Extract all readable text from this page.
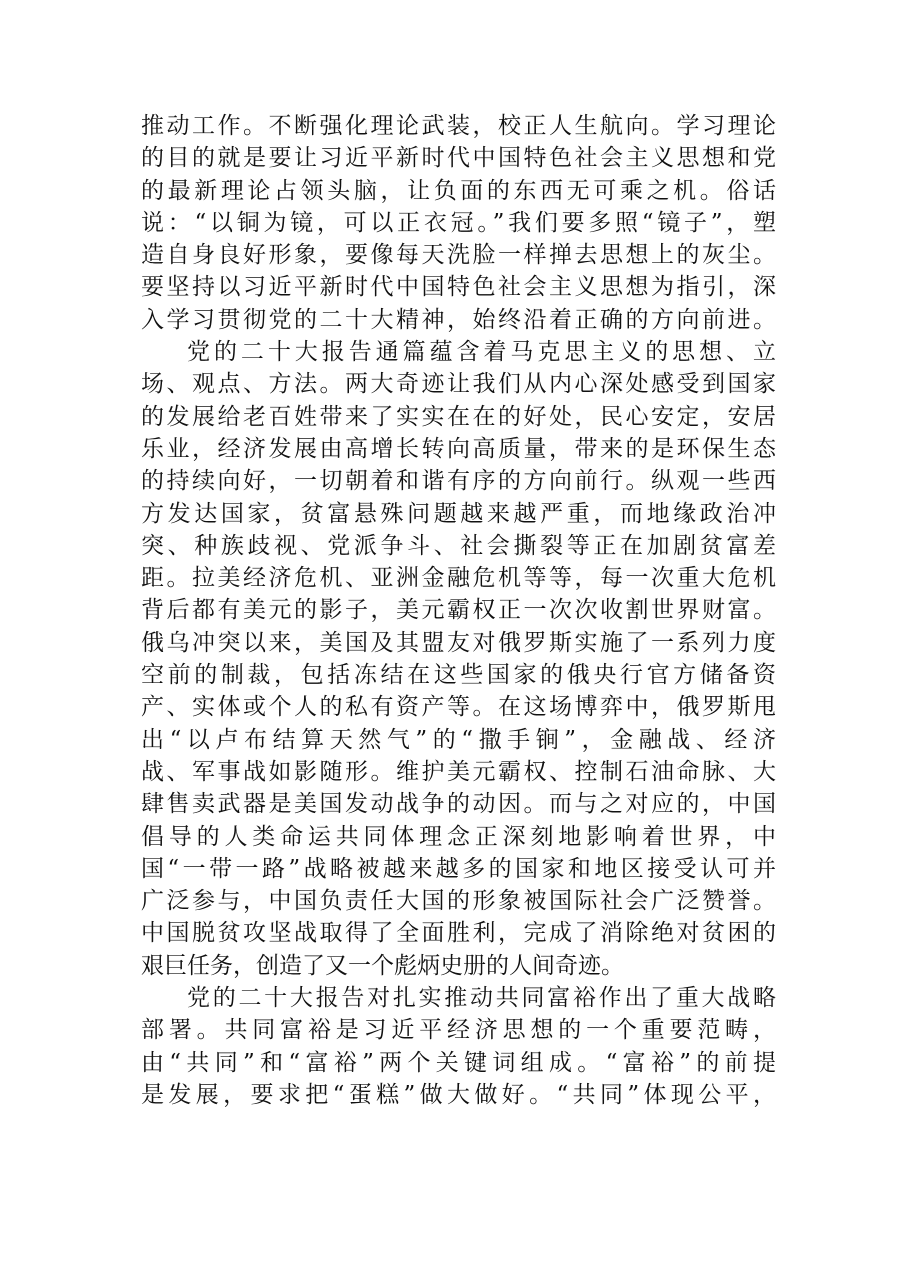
推动工作。不断强化理论武装，校正人生航向。学习理论
的目的就是要让习近平新时代中国特色社会主义思想和党
的最新理论占领头脑，让负面的东西无可乘之机。俗话
说：“以铜为镜，可以正衣冠。”我们要多照“镜子”，塑
造自身良好形象，要像每天洗脸一样掸去思想上的灰尘。
要坚持以习近平新时代中国特色社会主义思想为指引，深
入学习贯彻党的二十大精神，始终沿着正确的方向前进。
党的二十大报告通篇蕴含着马克思主义的思想、立
场、观点、方法。两大奇迹让我们从内心深处感受到国家
的发展给老百姓带来了实实在在的好处，民心安定，安居
乐业，经济发展由高增长转向高质量，带来的是环保生态
的持续向好，一切朝着和谐有序的方向前行。纵观一些西
方发达国家，贫富悬殊问题越来越严重，而地缘政治冲
突、种族歧视、党派争斗、社会撕裂等正在加剧贫富差
距。拉美经济危机、亚洲金融危机等等，每一次重大危机
背后都有美元的影子，美元霸权正一次次收割世界财富。
俄乌冲突以来，美国及其盟友对俄罗斯实施了一系列力度
空前的制裁，包括冻结在这些国家的俄央行官方储备资
产、实体或个人的私有资产等。在这场博弈中，俄罗斯甩
出“以卢布结算天然气”的“撒手锏”，金融战、经济
战、军事战如影随形。维护美元霸权、控制石油命脉、大
肆售卖武器是美国发动战争的动因。而与之对应的，中国
倡导的人类命运共同体理念正深刻地影响着世界，中
国“一带一路”战略被越来越多的国家和地区接受认可并
广泛参与，中国负责任大国的形象被国际社会广泛赞誉。
中国脱贫攻坚战取得了全面胜利，完成了消除绝对贫困的
艰巨任务，创造了又一个彪炳史册的人间奇迹。
党的二十大报告对扎实推动共同富裕作出了重大战略
部署。共同富裕是习近平经济思想的一个重要范畴，
由“共同”和“富裕”两个关键词组成。“富裕”的前提
是发展，要求把“蛋糕”做大做好。“共同”体现公平，
